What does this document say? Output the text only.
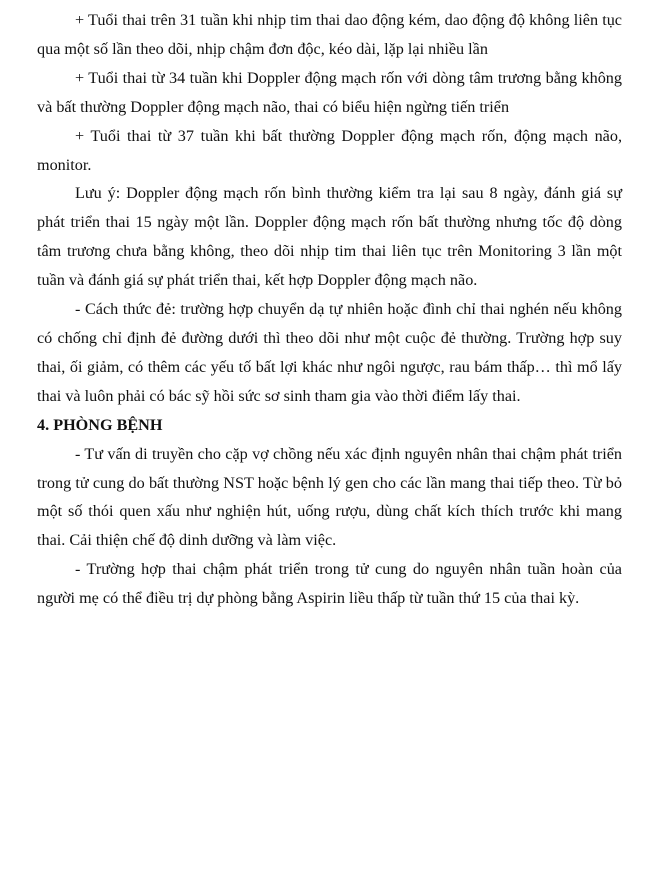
+ Tuổi thai trên 31 tuần khi nhịp tim thai dao động kém, dao động độ không liên tục qua một số lần theo dõi, nhịp chậm đơn độc, kéo dài, lặp lại nhiều lần

+ Tuổi thai từ 34 tuần khi Doppler động mạch rốn với dòng tâm trương bằng không và bất thường Doppler động mạch não, thai có biểu hiện ngừng tiến triển

+ Tuổi thai từ 37 tuần khi bất thường Doppler động mạch rốn, động mạch não, monitor.

Lưu ý: Doppler động mạch rốn bình thường kiểm tra lại sau 8 ngày, đánh giá sự phát triển thai 15 ngày một lần. Doppler động mạch rốn bất thường nhưng tốc độ dòng tâm trương chưa bằng không, theo dõi nhịp tim thai liên tục trên Monitoring 3 lần một tuần và đánh giá sự phát triển thai, kết hợp Doppler động mạch não.

- Cách thức đẻ: trường hợp chuyển dạ tự nhiên hoặc đình chỉ thai nghén nếu không có chống chỉ định đẻ đường dưới thì theo dõi như một cuộc đẻ thường. Trường hợp suy thai, ối giảm, có thêm các yếu tố bất lợi khác như ngôi ngược, rau bám thấp… thì mổ lấy thai và luôn phải có bác sỹ hồi sức sơ sinh tham gia vào thời điểm lấy thai.

4. PHÒNG BỆNH

- Tư vấn di truyền cho cặp vợ chồng nếu xác định nguyên nhân thai chậm phát triển trong tử cung do bất thường NST hoặc bệnh lý gen cho các lần mang thai tiếp theo. Từ bỏ một số thói quen xấu như nghiện hút, uống rượu, dùng chất kích thích trước khi mang thai. Cải thiện chế độ dinh dưỡng và làm việc.

- Trường hợp thai chậm phát triển trong tử cung do nguyên nhân tuần hoàn của người mẹ có thể điều trị dự phòng bằng Aspirin liều thấp từ tuần thứ 15 của thai kỳ.
